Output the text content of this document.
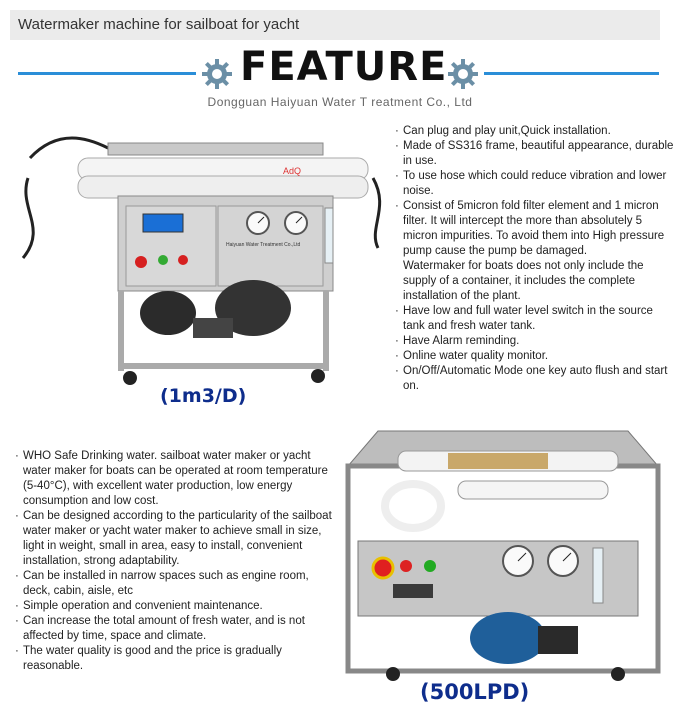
Watermaker machine for sailboat for yacht
FEATURE
Dongguan Haiyuan Water T reatment Co., Ltd
AdQ
Haiyuan Water Treatment Co.,Ltd
(1m3/D)
· Can plug and play unit,Quick installation.
· Made of SS316 frame, beautiful appearance, durable in use.
· To use hose which could reduce vibration and lower noise.
· Consist of 5micron fold filter element and 1 micron filter. It will intercept the more than absolutely 5 micron impurities. To avoid them into High pressure pump cause the pump be damaged.
Watermaker for boats does not only include the supply of a container, it includes the complete installation of the plant.
· Have low and full water level switch in the source tank and fresh water tank.
· Have Alarm reminding.
· Online water quality monitor.
· On/Off/Automatic Mode one key auto flush and start on.
· WHO Safe Drinking water. sailboat water maker or yacht water maker for boats can be operated at room temperature (5-40°C), with excellent water production, low energy consumption and low cost.
· Can be designed according to the particularity of the sailboat water maker or yacht water maker to achieve small in size, light in weight, small in area, easy to install, convenient installation, strong adaptability.
· Can be installed in narrow spaces such as engine room, deck, cabin, aisle, etc
· Simple operation and convenient maintenance.
· Can increase the total amount of fresh water, and is not affected by time, space and climate.
· The water quality is good and the price is gradually reasonable.
(500LPD)
